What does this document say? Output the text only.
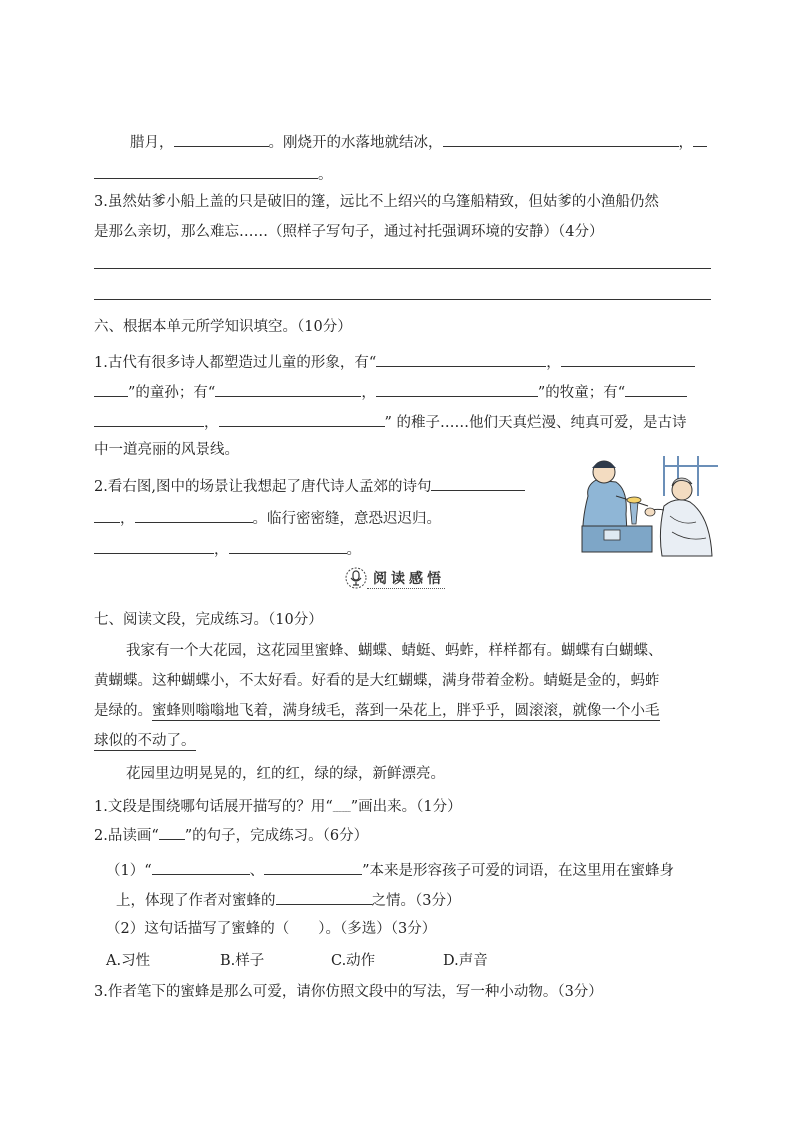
腊月，	。刚烧开的水落地就结冰，	，
。
3.虽然姑爹小船上盖的只是破旧的篷，远比不上绍兴的乌篷船精致，但姑爹的小渔船仍然
是那么亲切，那么难忘……（照样子写句子，通过衬托强调环境的安静）（4分）
六、根据本单元所学知识填空。（10分）
1.古代有很多诗人都塑造过儿童的形象，有“	，
”的童孙；有“	，	”的牧童；有“
，	” 的稚子……他们天真烂漫、纯真可爱，是古诗
中一道亮丽的风景线。
2.看右图,图中的场景让我想起了唐代诗人孟郊的诗句
，	。临行密密缝，意恐迟迟归。
，	。
阅读感悟
七、阅读文段，完成练习。（10分）
我家有一个大花园，这花园里蜜蜂、蝴蝶、蜻蜓、蚂蚱，样样都有。蝴蝶有白蝴蝶、
黄蝴蝶。这种蝴蝶小，不太好看。好看的是大红蝴蝶，满身带着金粉。蜻蜓是金的，蚂蚱
是绿的。蜜蜂则嗡嗡地飞着，满身绒毛，落到一朵花上，胖乎乎，圆滚滚，就像一个小毛
球似的不动了。
花园里边明晃晃的，红的红，绿的绿，新鲜漂亮。
1.文段是围绕哪句话展开描写的？用“﹏﹏”画出来。（1分）
2.品读画“ ”的句子，完成练习。（6分）
（1）“	、	”本来是形容孩子可爱的词语，在这里用在蜜蜂身
上，体现了作者对蜜蜂的	之情。（3分）
（2）这句话描写了蜜蜂的（　　）。（多选）（3分）
A.习性	B.样子	C.动作	D.声音
3.作者笔下的蜜蜂是那么可爱，请你仿照文段中的写法，写一种小动物。（3分）
